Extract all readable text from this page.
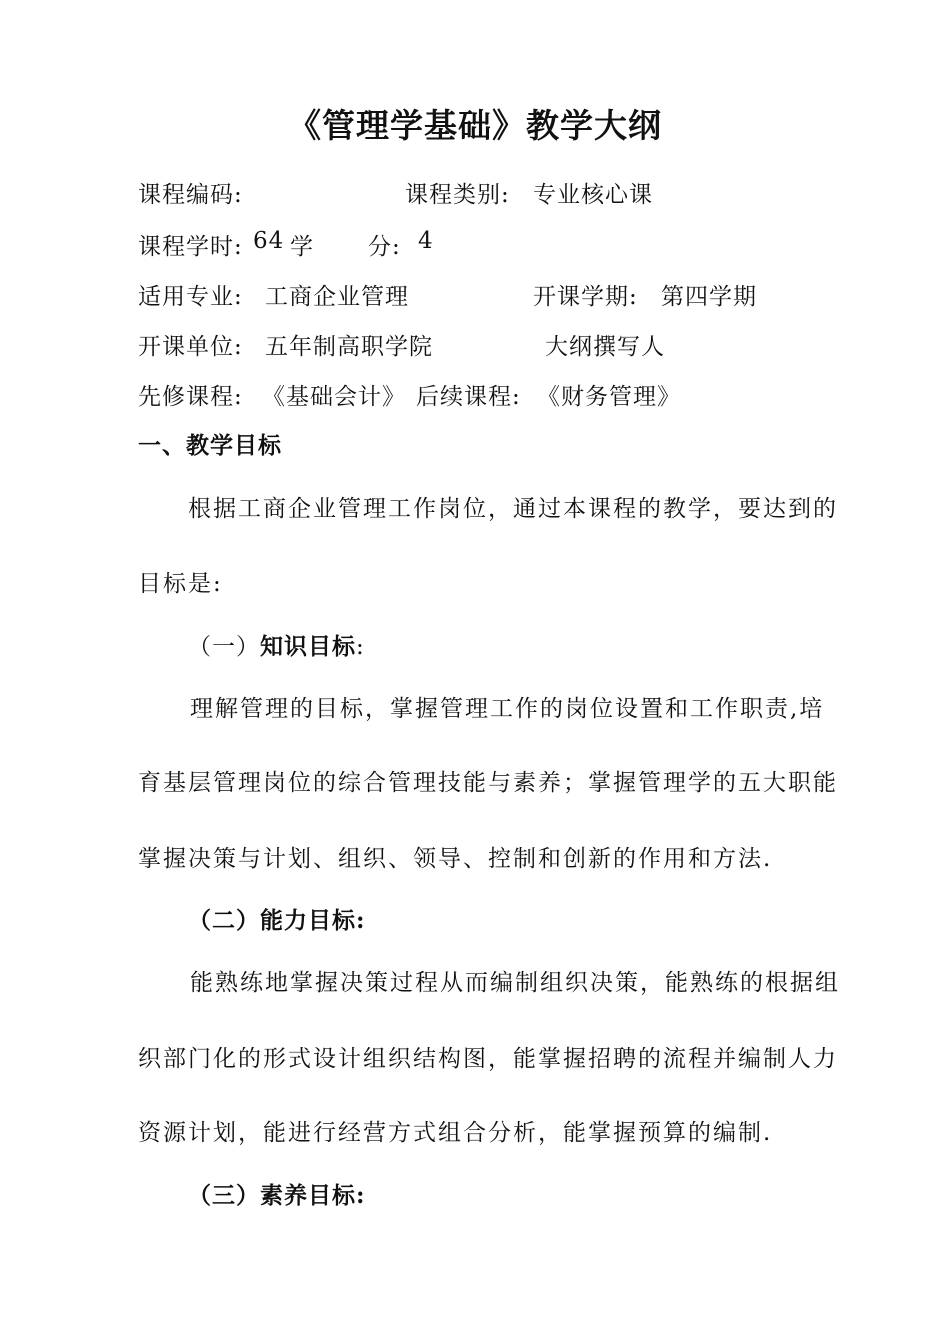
《管理学基础》教学大纲
课程编码:	课程类别: 专业核心课
课程学时: 64 学 分: 4
适用专业: 工商企业管理	开课学期: 第四学期
开课单位: 五年制高职学院	大纲撰写人
先修课程: 《基础会计》 后续课程: 《财务管理》
一、教学目标
根据工商企业管理工作岗位，通过本课程的教学，要达到的
目标是:
（一）知识目标:
理解管理的目标，掌握管理工作的岗位设置和工作职责,培
育基层管理岗位的综合管理技能与素养；掌握管理学的五大职能
掌握决策与计划、组织、领导、控制和创新的作用和方法.
（二）能力目标:
能熟练地掌握决策过程从而编制组织决策，能熟练的根据组
织部门化的形式设计组织结构图，能掌握招聘的流程并编制人力
资源计划，能进行经营方式组合分析，能掌握预算的编制.
（三）素养目标:
